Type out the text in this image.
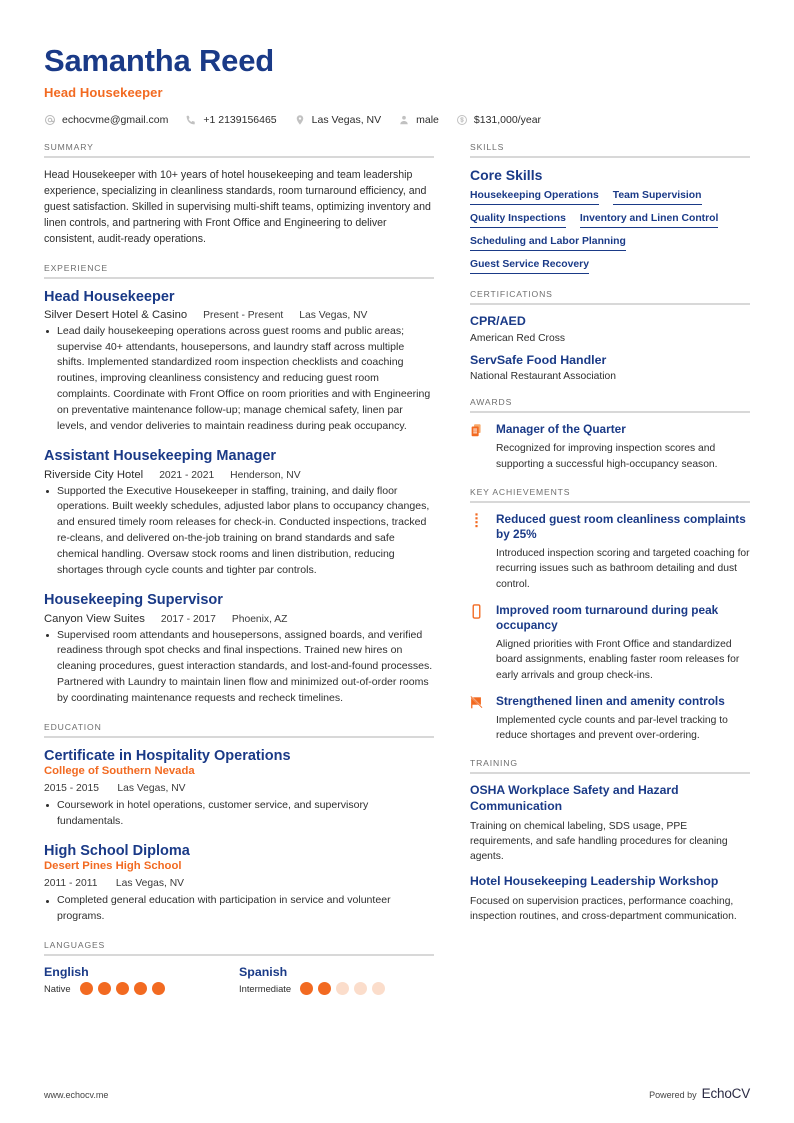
Samantha Reed
Head Housekeeper
echocvme@gmail.com	+1 2139156465	Las Vegas, NV	male	$131,000/year
SUMMARY
Head Housekeeper with 10+ years of hotel housekeeping and team leadership experience, specializing in cleanliness standards, room turnaround efficiency, and guest satisfaction. Skilled in supervising multi-shift teams, optimizing inventory and linen controls, and partnering with Front Office and Engineering to deliver consistent, audit-ready operations.
EXPERIENCE
Head Housekeeper
Silver Desert Hotel & Casino Present - Present Las Vegas, NV
Lead daily housekeeping operations across guest rooms and public areas; supervise 40+ attendants, housepersons, and laundry staff across multiple shifts. Implemented standardized room inspection checklists and coaching routines, improving cleanliness consistency and reducing guest room complaints. Coordinate with Front Office on room priorities and with Engineering on preventative maintenance follow-up; manage chemical safety, linen par levels, and vendor deliveries to maintain readiness during peak occupancy.
Assistant Housekeeping Manager
Riverside City Hotel 2021 - 2021 Henderson, NV
Supported the Executive Housekeeper in staffing, training, and daily floor operations. Built weekly schedules, adjusted labor plans to occupancy changes, and ensured timely room releases for check-in. Conducted inspections, tracked re-cleans, and delivered on-the-job training on brand standards and safe chemical handling. Oversaw stock rooms and linen distribution, reducing shortages through cycle counts and tighter par controls.
Housekeeping Supervisor
Canyon View Suites 2017 - 2017 Phoenix, AZ
Supervised room attendants and housepersons, assigned boards, and verified readiness through spot checks and final inspections. Trained new hires on cleaning procedures, guest interaction standards, and lost-and-found processes. Partnered with Laundry to maintain linen flow and minimized out-of-order rooms by coordinating maintenance requests and recheck timelines.
EDUCATION
Certificate in Hospitality Operations
College of Southern Nevada
2015 - 2015 Las Vegas, NV
Coursework in hotel operations, customer service, and supervisory fundamentals.
High School Diploma
Desert Pines High School
2011 - 2011 Las Vegas, NV
Completed general education with participation in service and volunteer programs.
LANGUAGES
English
Native
Spanish
Intermediate
SKILLS
Core Skills
Housekeeping Operations Team Supervision
Quality Inspections Inventory and Linen Control
Scheduling and Labor Planning
Guest Service Recovery
CERTIFICATIONS
CPR/AED
American Red Cross
ServSafe Food Handler
National Restaurant Association
AWARDS
Manager of the Quarter
Recognized for improving inspection scores and supporting a successful high-occupancy season.
KEY ACHIEVEMENTS
Reduced guest room cleanliness complaints by 25%
Introduced inspection scoring and targeted coaching for recurring issues such as bathroom detailing and dust control.
Improved room turnaround during peak occupancy
Aligned priorities with Front Office and standardized board assignments, enabling faster room releases for early arrivals and group check-ins.
Strengthened linen and amenity controls
Implemented cycle counts and par-level tracking to reduce shortages and prevent over-ordering.
TRAINING
OSHA Workplace Safety and Hazard Communication
Training on chemical labeling, SDS usage, PPE requirements, and safe handling procedures for cleaning agents.
Hotel Housekeeping Leadership Workshop
Focused on supervision practices, performance coaching, inspection routines, and cross-department communication.
www.echocv.me	Powered by EchoCV
